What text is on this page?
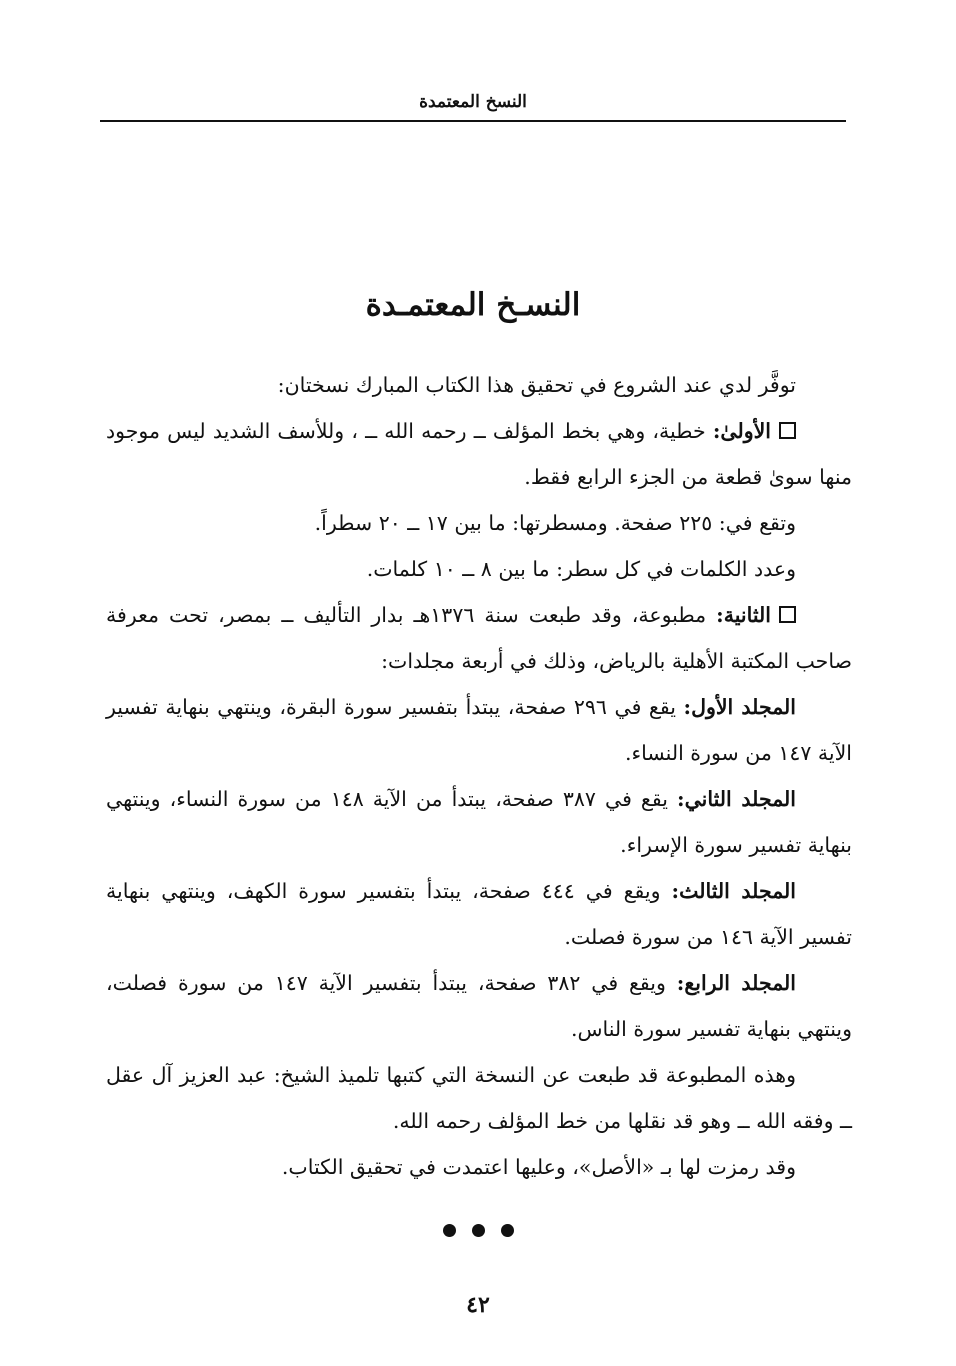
النسخ المعتمدة
النسـخ المعتمـدة

توفَّر لدي عند الشروع في تحقيق هذا الكتاب المبارك نسختان:

الأولىٰ: خطية، وهي بخط المؤلف ــ رحمه الله ــ ، وللأسف الشديد ليس موجود منها سوىٰ قطعة من الجزء الرابع فقط.

وتقع في: ٢٢٥ صفحة. ومسطرتها: ما بين ١٧ ــ ٢٠ سطراً.

وعدد الكلمات في كل سطر: ما بين ٨ ــ ١٠ كلمات.

الثانية: مطبوعة، وقد طبعت سنة ١٣٧٦هـ بدار التأليف ــ بمصر، تحت معرفة صاحب المكتبة الأهلية بالرياض، وذلك في أربعة مجلدات:

المجلد الأول: يقع في ٢٩٦ صفحة، يبتدأ بتفسير سورة البقرة، وينتهي بنهاية تفسير الآية ١٤٧ من سورة النساء.

المجلد الثاني: يقع في ٣٨٧ صفحة، يبتدأ من الآية ١٤٨ من سورة النساء، وينتهي بنهاية تفسير سورة الإسراء.

المجلد الثالث: ويقع في ٤٤٤ صفحة، يبتدأ بتفسير سورة الكهف، وينتهي بنهاية تفسير الآية ١٤٦ من سورة فصلت.

المجلد الرابع: ويقع في ٣٨٢ صفحة، يبتدأ بتفسير الآية ١٤٧ من سورة فصلت، وينتهي بنهاية تفسير سورة الناس.

وهذه المطبوعة قد طبعت عن النسخة التي كتبها تلميذ الشيخ: عبد العزيز آل عقل ــ وفقه الله ــ وهو قد نقلها من خط المؤلف رحمه الله.

وقد رمزت لها بـ «الأصل»، وعليها اعتمدت في تحقيق الكتاب.

٤٢
